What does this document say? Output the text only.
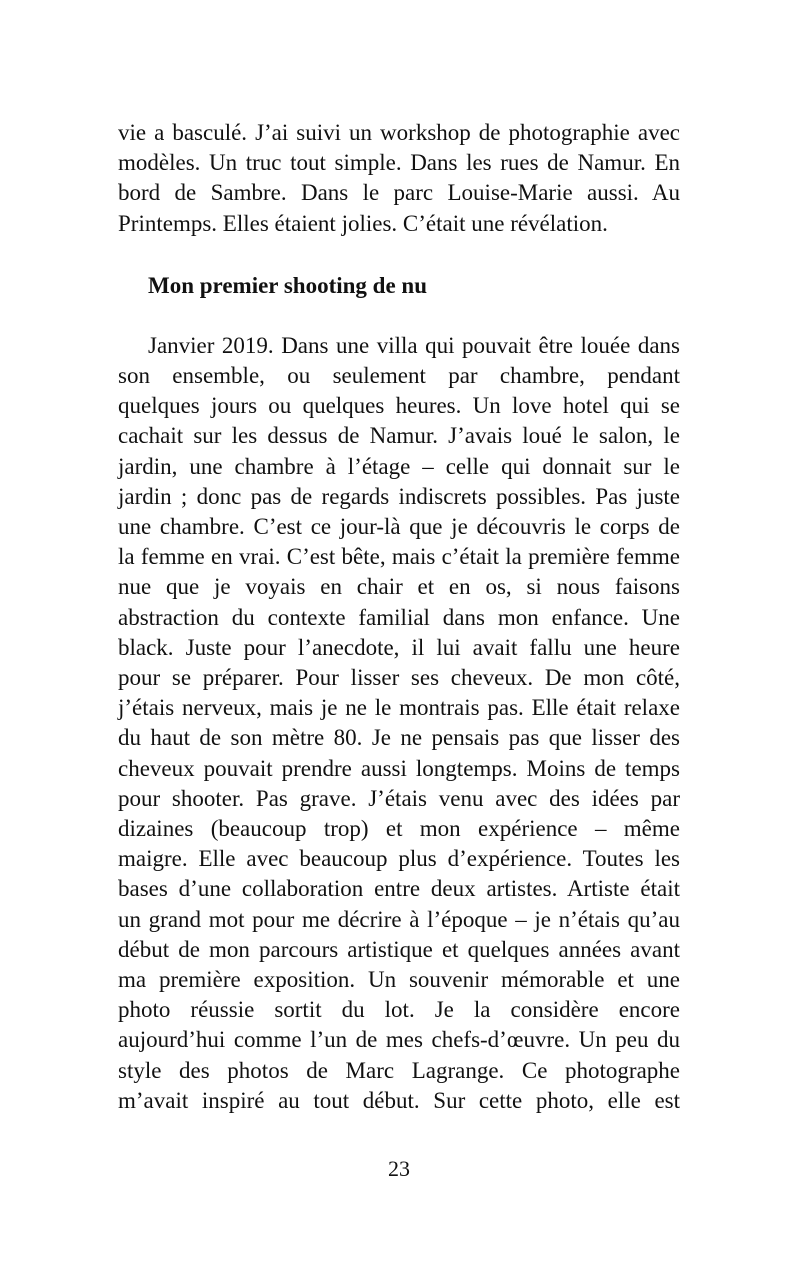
vie a basculé. J’ai suivi un workshop de photographie avec
modèles. Un truc tout simple. Dans les rues de Namur. En
bord de Sambre. Dans le parc Louise-Marie aussi. Au
Printemps. Elles étaient jolies. C’était une révélation.

Mon premier shooting de nu

Janvier 2019. Dans une villa qui pouvait être louée dans
son ensemble, ou seulement par chambre, pendant
quelques jours ou quelques heures. Un love hotel qui se
cachait sur les dessus de Namur. J’avais loué le salon, le
jardin, une chambre à l’étage – celle qui donnait sur le
jardin ; donc pas de regards indiscrets possibles. Pas juste
une chambre. C’est ce jour-là que je découvris le corps de
la femme en vrai. C’est bête, mais c’était la première femme
nue que je voyais en chair et en os, si nous faisons
abstraction du contexte familial dans mon enfance. Une
black. Juste pour l’anecdote, il lui avait fallu une heure
pour se préparer. Pour lisser ses cheveux. De mon côté,
j’étais nerveux, mais je ne le montrais pas. Elle était relaxe
du haut de son mètre 80. Je ne pensais pas que lisser des
cheveux pouvait prendre aussi longtemps. Moins de temps
pour shooter. Pas grave. J’étais venu avec des idées par
dizaines (beaucoup trop) et mon expérience – même
maigre. Elle avec beaucoup plus d’expérience. Toutes les
bases d’une collaboration entre deux artistes. Artiste était
un grand mot pour me décrire à l’époque – je n’étais qu’au
début de mon parcours artistique et quelques années avant
ma première exposition. Un souvenir mémorable et une
photo réussie sortit du lot. Je la considère encore
aujourd’hui comme l’un de mes chefs-d’œuvre. Un peu du
style des photos de Marc Lagrange. Ce photographe
m’avait inspiré au tout début. Sur cette photo, elle est

23
